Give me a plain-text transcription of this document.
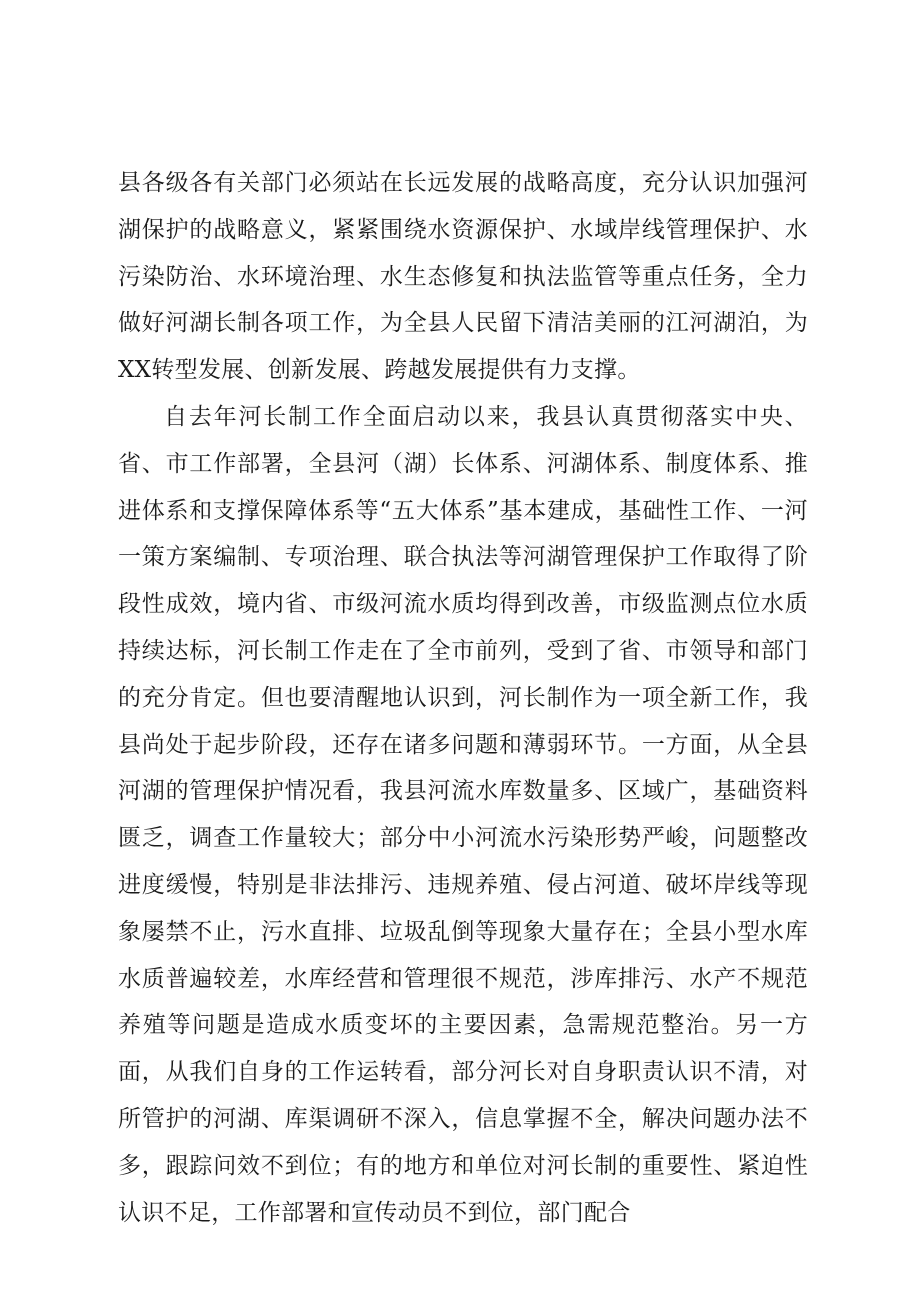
县各级各有关部门必须站在长远发展的战略高度，充分认识加强河湖保护的战略意义，紧紧围绕水资源保护、水域岸线管理保护、水污染防治、水环境治理、水生态修复和执法监管等重点任务，全力做好河湖长制各项工作，为全县人民留下清洁美丽的江河湖泊，为XX转型发展、创新发展、跨越发展提供有力支撑。

自去年河长制工作全面启动以来，我县认真贯彻落实中央、省、市工作部署，全县河（湖）长体系、河湖体系、制度体系、推进体系和支撑保障体系等“五大体系”基本建成，基础性工作、一河一策方案编制、专项治理、联合执法等河湖管理保护工作取得了阶段性成效，境内省、市级河流水质均得到改善，市级监测点位水质持续达标，河长制工作走在了全市前列，受到了省、市领导和部门的充分肯定。但也要清醒地认识到，河长制作为一项全新工作，我县尚处于起步阶段，还存在诸多问题和薄弱环节。一方面，从全县河湖的管理保护情况看，我县河流水库数量多、区域广，基础资料匮乏，调查工作量较大；部分中小河流水污染形势严峻，问题整改进度缓慢，特别是非法排污、违规养殖、侵占河道、破坏岸线等现象屡禁不止，污水直排、垃圾乱倒等现象大量存在；全县小型水库水质普遍较差，水库经营和管理很不规范，涉库排污、水产不规范养殖等问题是造成水质变坏的主要因素，急需规范整治。另一方面，从我们自身的工作运转看，部分河长对自身职责认识不清，对所管护的河湖、库渠调研不深入，信息掌握不全，解决问题办法不多，跟踪问效不到位；有的地方和单位对河长制的重要性、紧迫性认识不足，工作部署和宣传动员不到位，部门配合
